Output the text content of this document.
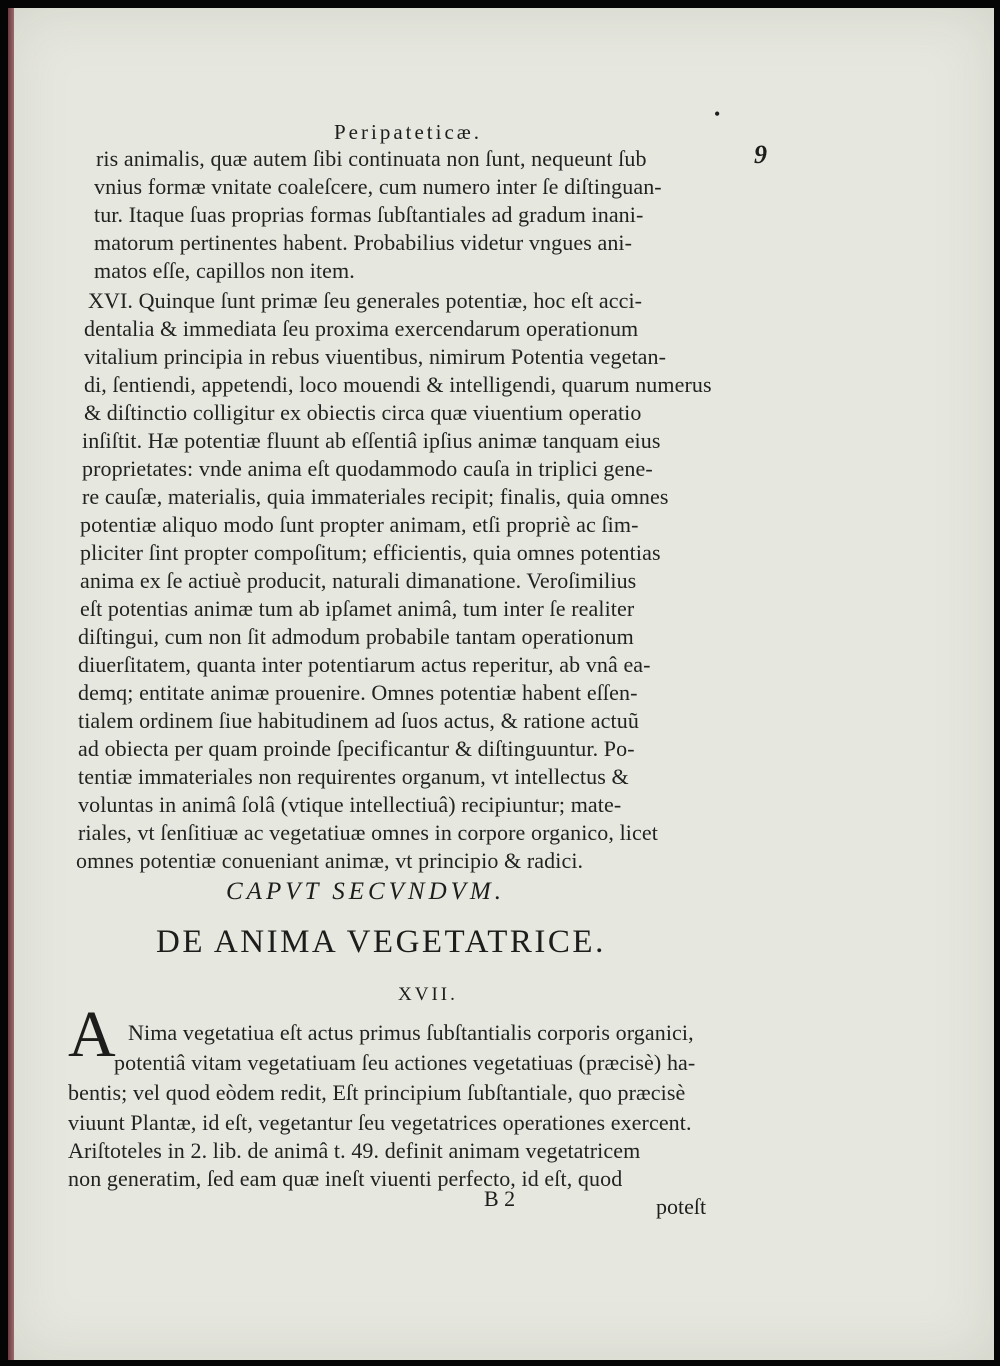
•
Peripateticæ.
9
ris animalis, quæ autem ſibi continuata non ſunt, nequeunt ſub
vnius formæ vnitate coaleſcere, cum numero inter ſe diſtinguan-
tur. Itaque ſuas proprias formas ſubſtantiales ad gradum inani-
matorum pertinentes habent. Probabilius videtur vngues ani-
matos eſſe, capillos non item.
XVI. Quinque ſunt primæ ſeu generales potentiæ, hoc eſt acci-
dentalia & immediata ſeu proxima exercendarum operationum
vitalium principia in rebus viuentibus, nimirum Potentia vegetan-
di, ſentiendi, appetendi, loco mouendi & intelligendi, quarum numerus
& diſtinctio colligitur ex obiectis circa quæ viuentium operatio
inſiſtit. Hæ potentiæ fluunt ab eſſentiâ ipſius animæ tanquam eius
proprietates: vnde anima eſt quodammodo cauſa in triplici gene-
re cauſæ, materialis, quia immateriales recipit; finalis, quia omnes
potentiæ aliquo modo ſunt propter animam, etſi propriè ac ſim-
pliciter ſint propter compoſitum; efficientis, quia omnes potentias
anima ex ſe actiuè producit, naturali dimanatione. Veroſimilius
eſt potentias animæ tum ab ipſamet animâ, tum inter ſe realiter
diſtingui, cum non ſit admodum probabile tantam operationum
diuerſitatem, quanta inter potentiarum actus reperitur, ab vnâ ea-
demq; entitate animæ prouenire. Omnes potentiæ habent eſſen-
tialem ordinem ſiue habitudinem ad ſuos actus, & ratione actuũ
ad obiecta per quam proinde ſpecificantur & diſtinguuntur. Po-
tentiæ immateriales non requirentes organum, vt intellectus &
voluntas in animâ ſolâ (vtique intellectiuâ) recipiuntur; mate-
riales, vt ſenſitiuæ ac vegetatiuæ omnes in corpore organico, licet
omnes potentiæ conueniant animæ, vt principio & radici.
CAPVT SECVNDVM.
DE ANIMA VEGETATRICE.
XVII.
A Nima vegetatiua eſt actus primus ſubſtantialis corporis organici,
potentiâ vitam vegetatiuam ſeu actiones vegetatiuas (præcisè) ha-
bentis; vel quod eòdem redit, Eſt principium ſubſtantiale, quo præcisè
viuunt Plantæ, id eſt, vegetantur ſeu vegetatrices operationes exercent.
Ariſtoteles in 2. lib. de animâ t. 49. definit animam vegetatricem
non generatim, ſed eam quæ ineſt viuenti perfecto, id eſt, quod
B 2	poteſt
